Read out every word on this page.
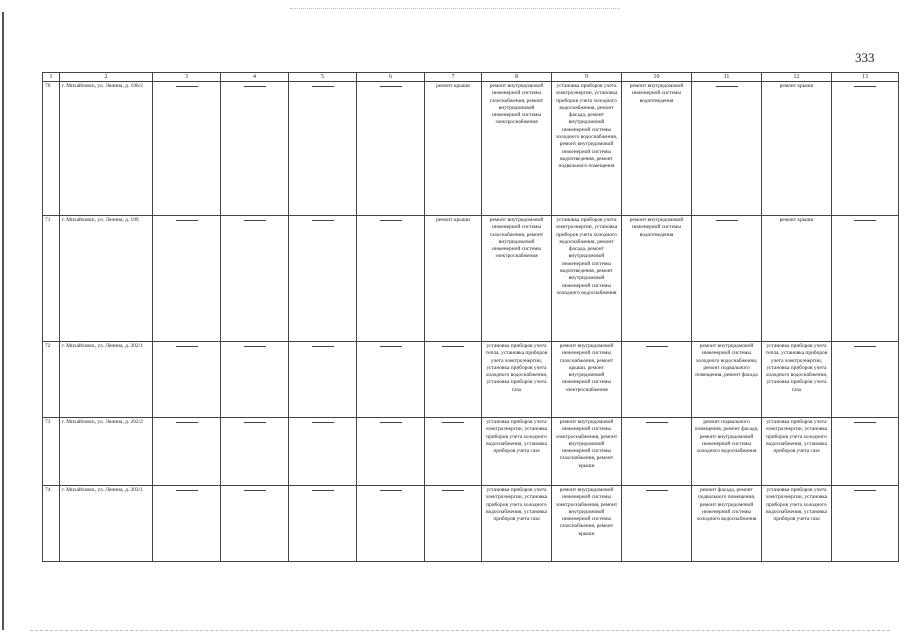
333
1	2	3	4	5	6	7	8	9	10	11	12	13
70	г. Михайловск, ул. Ленина, д. 196/2					ремонт крыши	ремонт внутридомовой инженерной системы газоснабжения, ремонт внутридомовой инженерной системы электроснабжения	установка приборов учета электроэнергии, установка приборов учета холодного водоснабжения, ремонт фасада, ремонт внутридомовой инженерной системы холодного водоснабжения, ремонт внутридомовой инженерной системы водоотведения, ремонт подвального помещения	ремонт внутридомовой инженерной системы водоотведения		ремонт крыши	
71	г. Михайловск, ул. Ленина, д. 199					ремонт крыши	ремонт внутридомовой инженерной системы газоснабжения, ремонт внутридомовой инженерной системы электроснабжения	установка приборов учета электроэнергии, установка приборов учета холодного водоснабжения, ремонт фасада, ремонт внутридомовой инженерной системы водоотведения, ремонт внутридомовой инженерной системы холодного водоснабжения	ремонт внутридомовой инженерной системы водоотведения		ремонт крыши	
72	г. Михайловск, ул. Ленина, д. 202/1						установка приборов учета тепла, установка приборов учета электроэнергии, установка приборов учета холодного водоснабжения, установка приборов учета газа	ремонт внутридомовой инженерной системы газоснабжения, ремонт крыши, ремонт внутридомовой инженерной системы электроснабжения		ремонт внутридомовой инженерной системы холодного водоснабжения, ремонт подвального помещения, ремонт фасада	установка приборов учета тепла, установка приборов учета электроэнергии, установка приборов учета холодного водоснабжения, установка приборов учета газа	
73	г. Михайловск, ул. Ленина, д. 202/2						установка приборов учета электроэнергии, установка приборов учета холодного водоснабжения, установка приборов учета газа	ремонт внутридомовой инженерной системы электроснабжения, ремонт внутридомовой инженерной системы газоснабжения, ремонт крыши		ремонт подвального помещения, ремонт фасада, ремонт внутридомовой инженерной системы холодного водоснабжения	установка приборов учета электроэнергии, установка приборов учета холодного водоснабжения, установка приборов учета газа	
74	г. Михайловск, ул. Ленина, д. 203/1						установка приборов учета электроэнергии, установка приборов учета холодного водоснабжения, установка приборов учета газа	ремонт внутридомовой инженерной системы электроснабжения, ремонт внутридомовой инженерной системы газоснабжения, ремонт крыши		ремонт фасада, ремонт подвального помещения, ремонт внутридомовой инженерной системы холодного водоснабжения	установка приборов учета электроэнергии, установка приборов учета холодного водоснабжения, установка приборов учета газа	
